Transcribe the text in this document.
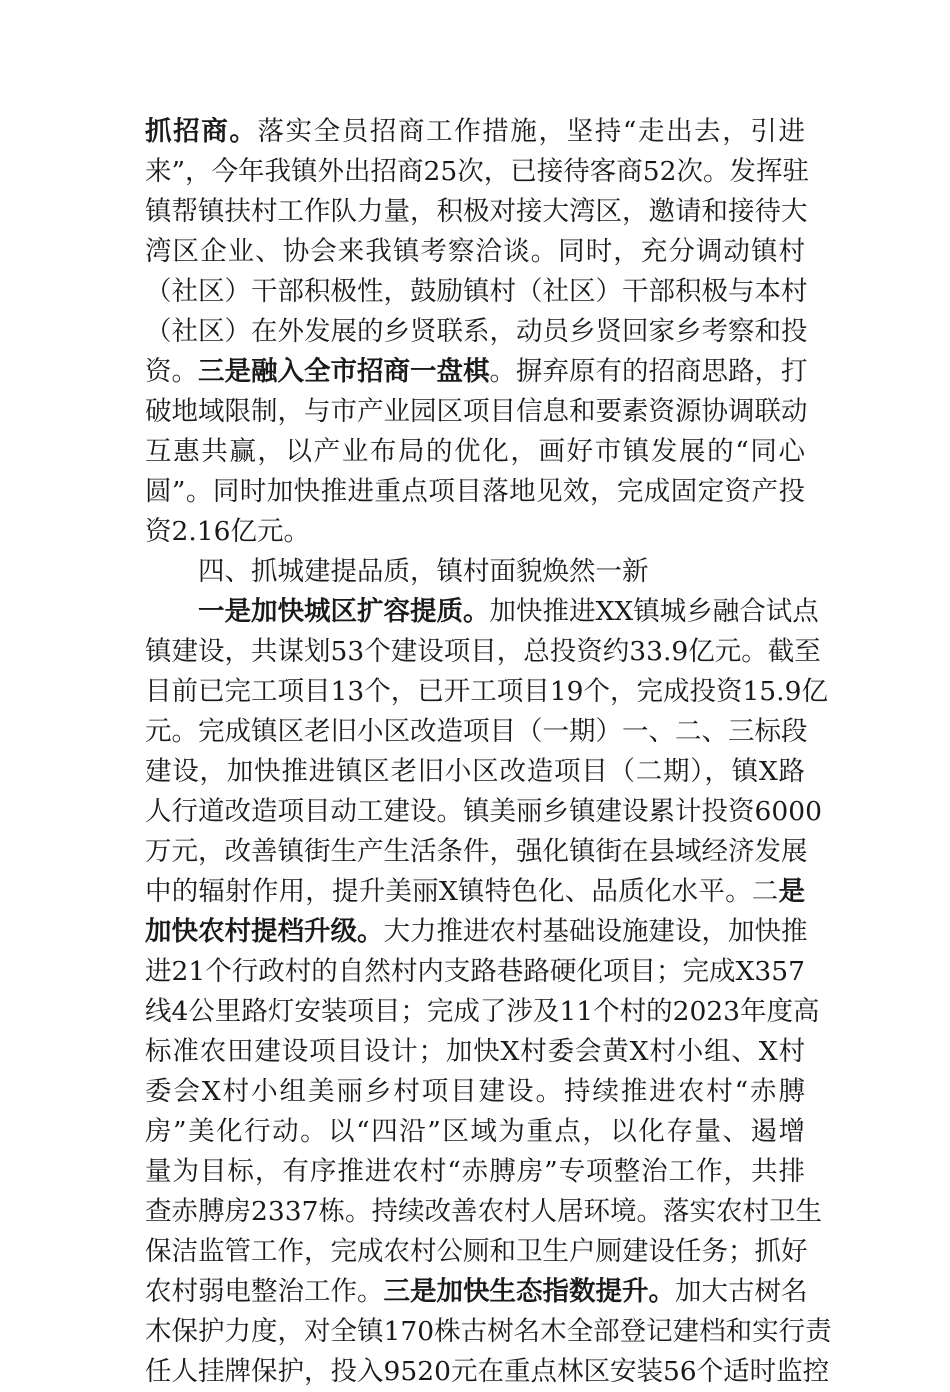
抓招商。落实全员招商工作措施，坚持“走出去，引进
来”，今年我镇外出招商25次，已接待客商52次。发挥驻
镇帮镇扶村工作队力量，积极对接大湾区，邀请和接待大
湾区企业、协会来我镇考察洽谈。同时，充分调动镇村
（社区）干部积极性，鼓励镇村（社区）干部积极与本村
（社区）在外发展的乡贤联系，动员乡贤回家乡考察和投
资。三是融入全市招商一盘棋。摒弃原有的招商思路，打
破地域限制，与市产业园区项目信息和要素资源协调联动
互惠共赢，以产业布局的优化，画好市镇发展的“同心
圆”。同时加快推进重点项目落地见效，完成固定资产投
资2.16亿元。
四、抓城建提品质，镇村面貌焕然一新
一是加快城区扩容提质。加快推进XX镇城乡融合试点
镇建设，共谋划53个建设项目，总投资约33.9亿元。截至
目前已完工项目13个，已开工项目19个，完成投资15.9亿
元。完成镇区老旧小区改造项目（一期）一、二、三标段
建设，加快推进镇区老旧小区改造项目（二期），镇X路
人行道改造项目动工建设。镇美丽乡镇建设累计投资6000
万元，改善镇街生产生活条件，强化镇街在县域经济发展
中的辐射作用，提升美丽X镇特色化、品质化水平。二是
加快农村提档升级。大力推进农村基础设施建设，加快推
进21个行政村的自然村内支路巷路硬化项目；完成X357
线4公里路灯安装项目；完成了涉及11个村的2023年度高
标准农田建设项目设计；加快X村委会黄X村小组、X村
委会X村小组美丽乡村项目建设。持续推进农村“赤膊
房”美化行动。以“四沿”区域为重点，以化存量、遏增
量为目标，有序推进农村“赤膊房”专项整治工作，共排
查赤膊房2337栋。持续改善农村人居环境。落实农村卫生
保洁监管工作，完成农村公厕和卫生户厕建设任务；抓好
农村弱电整治工作。三是加快生态指数提升。加大古树名
木保护力度，对全镇170株古树名木全部登记建档和实行责
任人挂牌保护，投入9520元在重点林区安装56个适时监控
